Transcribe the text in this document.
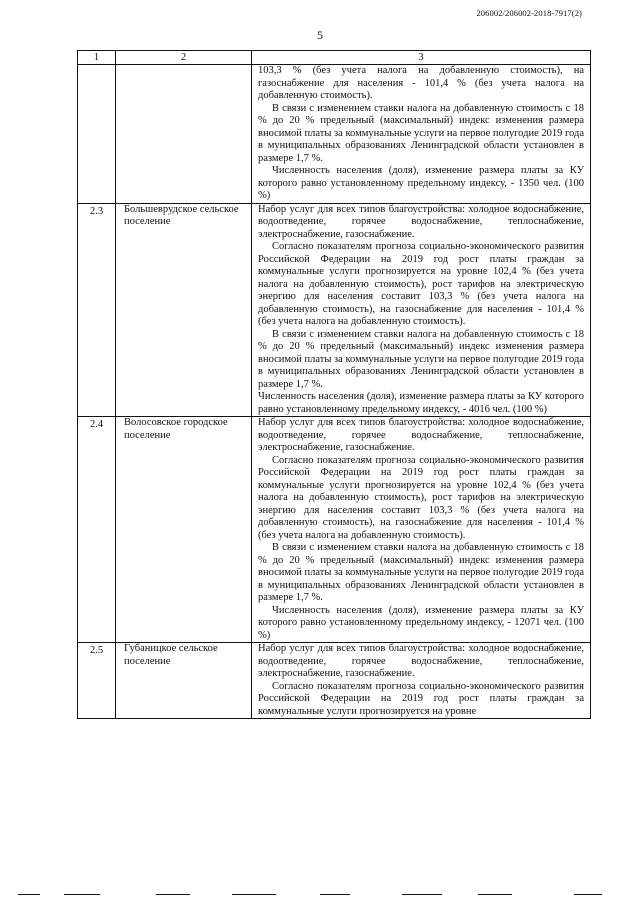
206002/206002-2018-7917(2)
5
1	2	3

		103,3 % (без учета налога на добавленную стоимость), на газоснабжение для населения - 101,4 % (без учета налога на добавленную стоимость).

В связи с изменением ставки налога на добавленную стоимость с 18 % до 20 % предельный (максимальный) индекс изменения размера вносимой платы за коммунальные услуги на первое полугодие 2019 года в муниципальных образованиях Ленинградской области установлен в размере 1,7 %.

Численность населения (доля), изменение размера платы за КУ которого равно установленному предельному индексу, - 1350 чел. (100 %)

2.3	Большеврудское сельское поселение	Набор услуг для всех типов благоустройства: холодное водоснабжение, водоотведение, горячее водоснабжение, теплоснабжение, электроснабжение, газоснабжение.

Согласно показателям прогноза социально-экономического развития Российской Федерации на 2019 год рост платы граждан за коммунальные услуги прогнозируется на уровне 102,4 % (без учета налога на добавленную стоимость), рост тарифов на электрическую энергию для населения составит 103,3 % (без учета налога на добавленную стоимость), на газоснабжение для населения - 101,4 % (без учета налога на добавленную стоимость).

В связи с изменением ставки налога на добавленную стоимость с 18 % до 20 % предельный (максимальный) индекс изменения размера вносимой платы за коммунальные услуги на первое полугодие 2019 года в муниципальных образованиях Ленинградской области установлен в размере 1,7 %.

Численность населения (доля), изменение размера платы за КУ которого равно установленному предельному индексу, - 4016 чел. (100 %)

2.4	Волосовское городское поселение	Набор услуг для всех типов благоустройства: холодное водоснабжение, водоотведение, горячее водоснабжение, теплоснабжение, электроснабжение, газоснабжение.

Согласно показателям прогноза социально-экономического развития Российской Федерации на 2019 год рост платы граждан за коммунальные услуги прогнозируется на уровне 102,4 % (без учета налога на добавленную стоимость), рост тарифов на электрическую энергию для населения составит 103,3 % (без учета налога на добавленную стоимость), на газоснабжение для населения - 101,4 % (без учета налога на добавленную стоимость).

В связи с изменением ставки налога на добавленную стоимость с 18 % до 20 % предельный (максимальный) индекс изменения размера вносимой платы за коммунальные услуги на первое полугодие 2019 года в муниципальных образованиях Ленинградской области установлен в размере 1,7 %.

Численность населения (доля), изменение размера платы за КУ которого равно установленному предельному индексу, - 12071 чел. (100 %)

2.5	Губаницкое сельское поселение	Набор услуг для всех типов благоустройства: холодное водоснабжение, водоотведение, горячее водоснабжение, теплоснабжение, электроснабжение, газоснабжение.

Согласно показателям прогноза социально-экономического развития Российской Федерации на 2019 год рост платы граждан за коммунальные услуги прогнозируется на уровне
